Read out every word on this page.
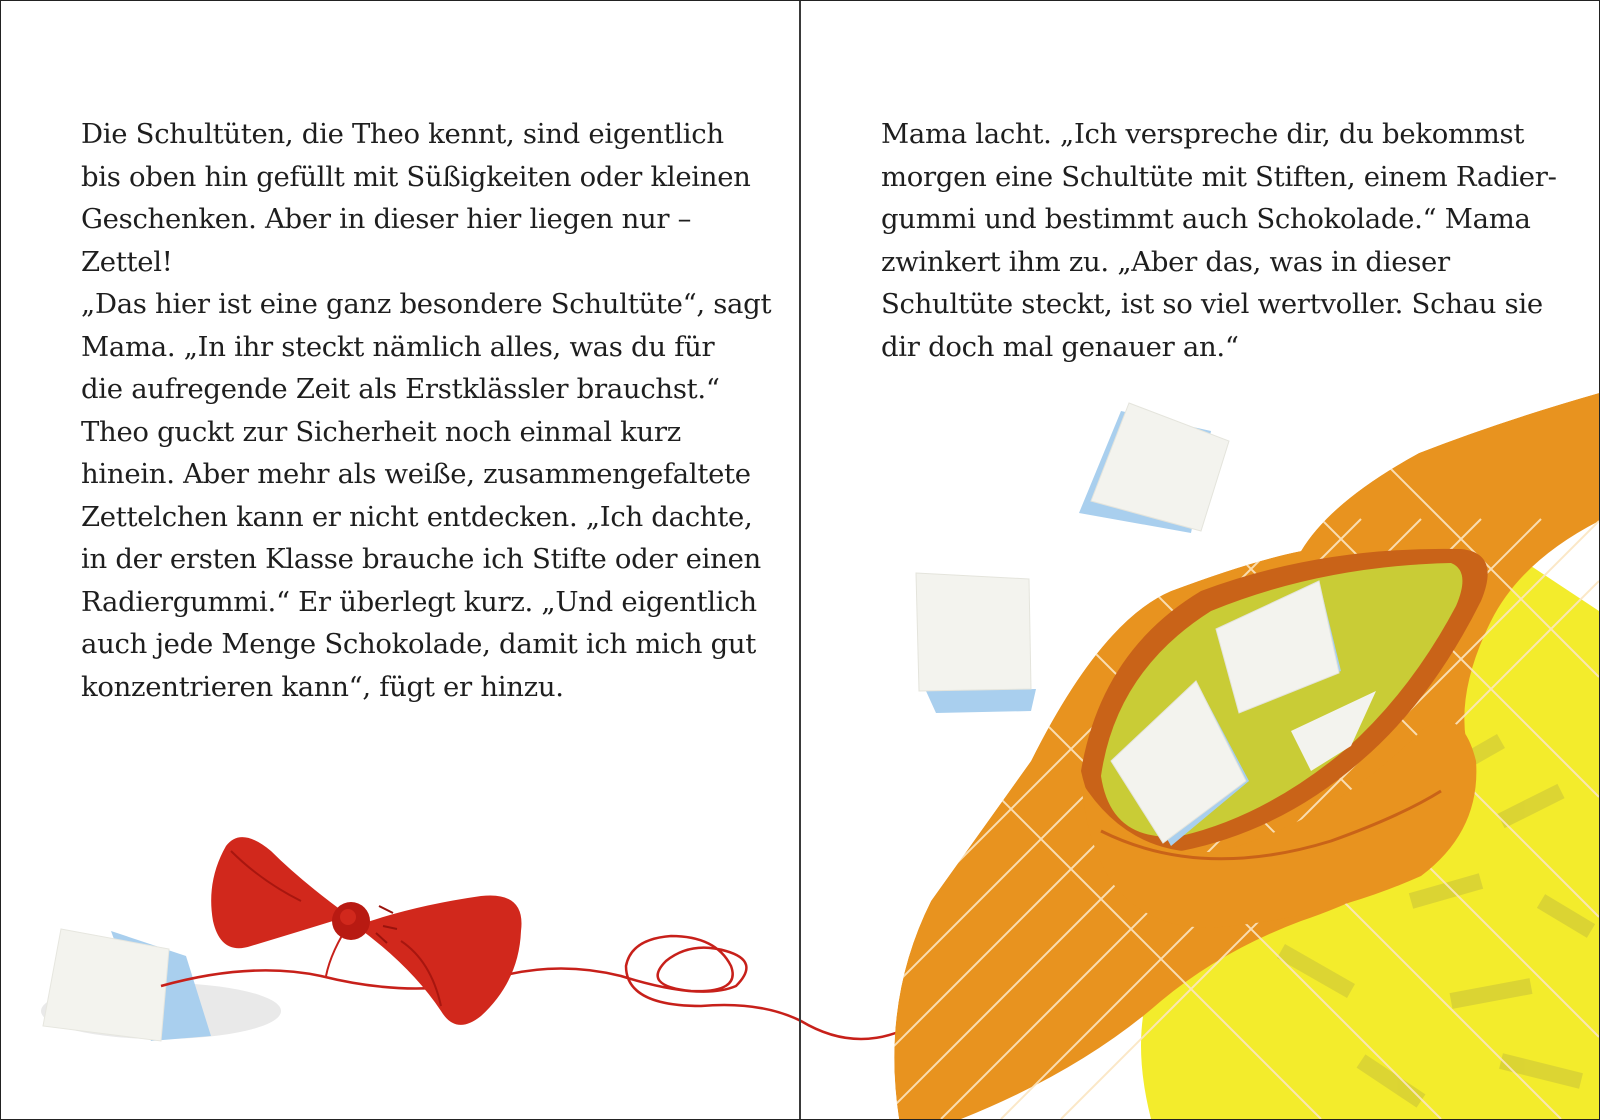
Die Schultüten, die Theo kennt, sind eigentlich
bis oben hin gefüllt mit Süßigkeiten oder kleinen
Geschenken. Aber in dieser hier liegen nur –
Zettel!
„Das hier ist eine ganz besondere Schultüte“, sagt
Mama. „In ihr steckt nämlich alles, was du für
die aufregende Zeit als Erstklässler brauchst.“
Theo guckt zur Sicherheit noch einmal kurz
hinein. Aber mehr als weiße, zusammengefaltete
Zettelchen kann er nicht entdecken. „Ich dachte,
in der ersten Klasse brauche ich Stifte oder einen
Radiergummi.“ Er überlegt kurz. „Und eigentlich
auch jede Menge Schokolade, damit ich mich gut
konzentrieren kann“, fügt er hinzu.

Mama lacht. „Ich verspreche dir, du bekommst
morgen eine Schultüte mit Stiften, einem Radier-
gummi und bestimmt auch Schokolade.“ Mama
zwinkert ihm zu. „Aber das, was in dieser
Schultüte steckt, ist so viel wertvoller. Schau sie
dir doch mal genauer an.“
